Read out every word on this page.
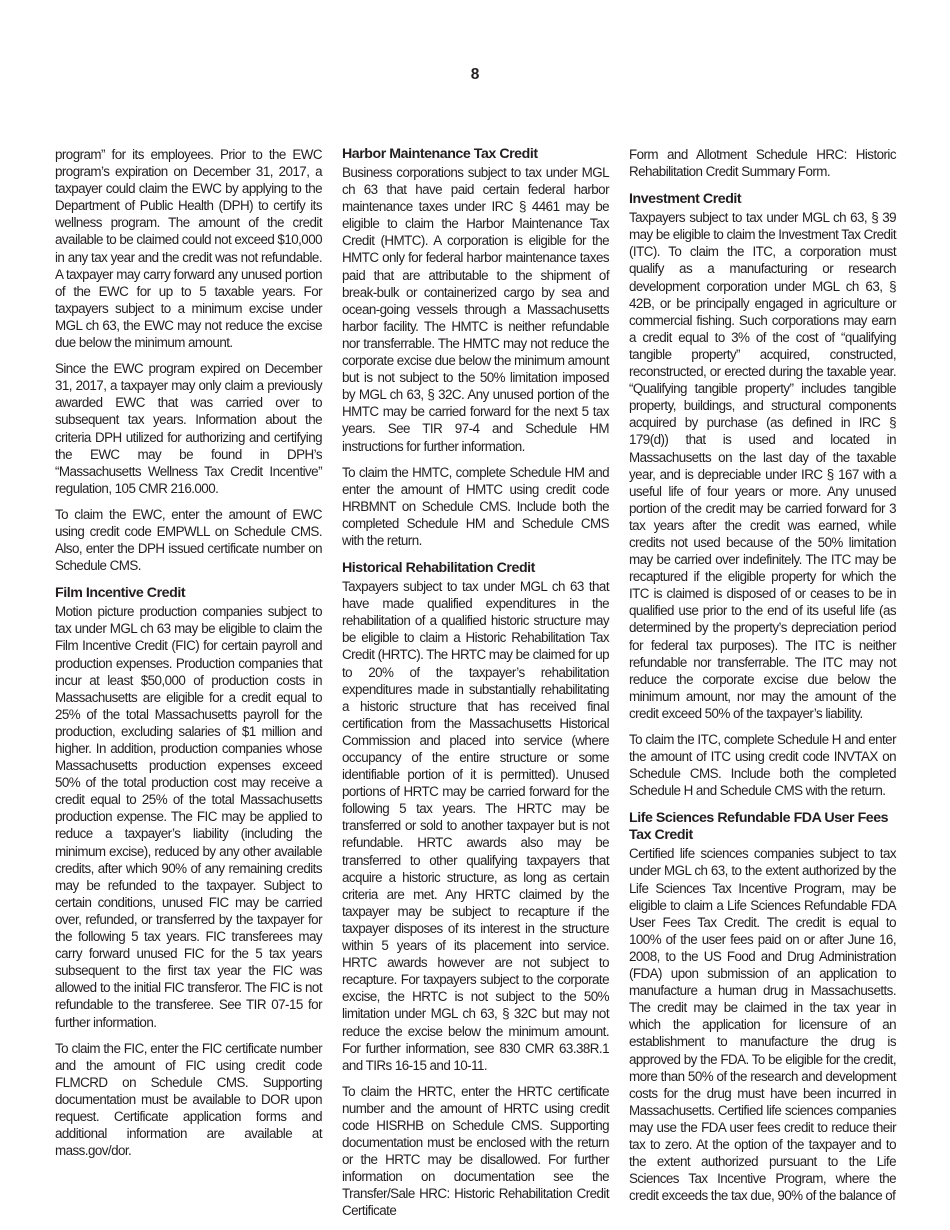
8

program” for its employees. Prior to the EWC program’s expiration on December 31, 2017, a taxpayer could claim the EWC by applying to the Department of Public Health (DPH) to certify its wellness program. The amount of the credit available to be claimed could not exceed $10,000 in any tax year and the credit was not refundable. A taxpayer may carry forward any unused portion of the EWC for up to 5 taxable years. For taxpayers subject to a minimum excise under MGL ch 63, the EWC may not reduce the excise due below the minimum amount.

Since the EWC program expired on December 31, 2017, a taxpayer may only claim a previously awarded EWC that was carried over to subsequent tax years. Information about the criteria DPH utilized for authorizing and certifying the EWC may be found in DPH’s “Massachusetts Wellness Tax Credit Incentive” regulation, 105 CMR 216.000.

To claim the EWC, enter the amount of EWC using credit code EMPWLL on Schedule CMS. Also, enter the DPH issued certificate number on Schedule CMS.

Film Incentive Credit

Motion picture production companies subject to tax under MGL ch 63 may be eligible to claim the Film Incentive Credit (FIC) for certain payroll and production expenses. Production companies that incur at least $50,000 of production costs in Massachusetts are eligible for a credit equal to 25% of the total Massachusetts payroll for the production, excluding salaries of $1 million and higher. In addition, production companies whose Massachusetts production expenses exceed 50% of the total production cost may receive a credit equal to 25% of the total Massachusetts production expense. The FIC may be applied to reduce a taxpayer’s liability (including the minimum excise), reduced by any other available credits, after which 90% of any remaining credits may be refunded to the taxpayer. Subject to certain conditions, unused FIC may be carried over, refunded, or transferred by the taxpayer for the following 5 tax years. FIC transferees may carry forward unused FIC for the 5 tax years subsequent to the first tax year the FIC was allowed to the initial FIC transferor. The FIC is not refundable to the transferee. See TIR 07-15 for further information.

To claim the FIC, enter the FIC certificate number and the amount of FIC using credit code FLMCRD on Schedule CMS. Supporting documentation must be available to DOR upon request. Certificate application forms and additional information are available at mass.gov/dor.

Harbor Maintenance Tax Credit

Business corporations subject to tax under MGL ch 63 that have paid certain federal harbor maintenance taxes under IRC § 4461 may be eligible to claim the Harbor Maintenance Tax Credit (HMTC). A corporation is eligible for the HMTC only for federal harbor maintenance taxes paid that are attributable to the shipment of break-bulk or containerized cargo by sea and ocean-going vessels through a Massachusetts harbor facility. The HMTC is neither refundable nor transferrable. The HMTC may not reduce the corporate excise due below the minimum amount but is not subject to the 50% limitation imposed by MGL ch 63, § 32C. Any unused portion of the HMTC may be carried forward for the next 5 tax years. See TIR 97-4 and Schedule HM instructions for further information.

To claim the HMTC, complete Schedule HM and enter the amount of HMTC using credit code HRBMNT on Schedule CMS. Include both the completed Schedule HM and Schedule CMS with the return.

Historical Rehabilitation Credit

Taxpayers subject to tax under MGL ch 63 that have made qualified expenditures in the rehabilitation of a qualified historic structure may be eligible to claim a Historic Rehabilitation Tax Credit (HRTC). The HRTC may be claimed for up to 20% of the taxpayer’s rehabilitation expenditures made in substantially rehabilitating a historic structure that has received final certification from the Massachusetts Historical Commission and placed into service (where occupancy of the entire structure or some identifiable portion of it is permitted). Unused portions of HRTC may be carried forward for the following 5 tax years. The HRTC may be transferred or sold to another taxpayer but is not refundable. HRTC awards also may be transferred to other qualifying taxpayers that acquire a historic structure, as long as certain criteria are met. Any HRTC claimed by the taxpayer may be subject to recapture if the taxpayer disposes of its interest in the structure within 5 years of its placement into service. HRTC awards however are not subject to recapture. For taxpayers subject to the corporate excise, the HRTC is not subject to the 50% limitation under MGL ch 63, § 32C but may not reduce the excise below the minimum amount. For further information, see 830 CMR 63.38R.1 and TIRs 16-15 and 10-11.

To claim the HRTC, enter the HRTC certificate number and the amount of HRTC using credit code HISRHB on Schedule CMS. Supporting documentation must be enclosed with the return or the HRTC may be disallowed. For further information on documentation see the Transfer/Sale HRC: Historic Rehabilitation Credit Certificate

Form and Allotment Schedule HRC: Historic Rehabilitation Credit Summary Form.

Investment Credit

Taxpayers subject to tax under MGL ch 63, § 39 may be eligible to claim the Investment Tax Credit (ITC). To claim the ITC, a corporation must qualify as a manufacturing or research development corporation under MGL ch 63, § 42B, or be principally engaged in agriculture or commercial fishing. Such corporations may earn a credit equal to 3% of the cost of “qualifying tangible property” acquired, constructed, reconstructed, or erected during the taxable year. “Qualifying tangible property” includes tangible property, buildings, and structural components acquired by purchase (as defined in IRC § 179(d)) that is used and located in Massachusetts on the last day of the taxable year, and is depreciable under IRC § 167 with a useful life of four years or more. Any unused portion of the credit may be carried forward for 3 tax years after the credit was earned, while credits not used because of the 50% limitation may be carried over indefinitely. The ITC may be recaptured if the eligible property for which the ITC is claimed is disposed of or ceases to be in qualified use prior to the end of its useful life (as determined by the property’s depreciation period for federal tax purposes). The ITC is neither refundable nor transferrable. The ITC may not reduce the corporate excise due below the minimum amount, nor may the amount of the credit exceed 50% of the taxpayer’s liability.

To claim the ITC, complete Schedule H and enter the amount of ITC using credit code INVTAX on Schedule CMS. Include both the completed Schedule H and Schedule CMS with the return.

Life Sciences Refundable FDA User Fees Tax Credit

Certified life sciences companies subject to tax under MGL ch 63, to the extent authorized by the Life Sciences Tax Incentive Program, may be eligible to claim a Life Sciences Refundable FDA User Fees Tax Credit. The credit is equal to 100% of the user fees paid on or after June 16, 2008, to the US Food and Drug Administration (FDA) upon submission of an application to manufacture a human drug in Massachusetts. The credit may be claimed in the tax year in which the application for licensure of an establishment to manufacture the drug is approved by the FDA. To be eligible for the credit, more than 50% of the research and development costs for the drug must have been incurred in Massachusetts. Certified life sciences companies may use the FDA user fees credit to reduce their tax to zero. At the option of the taxpayer and to the extent authorized pursuant to the Life Sciences Tax Incentive Program, where the credit exceeds the tax due, 90% of the balance of
